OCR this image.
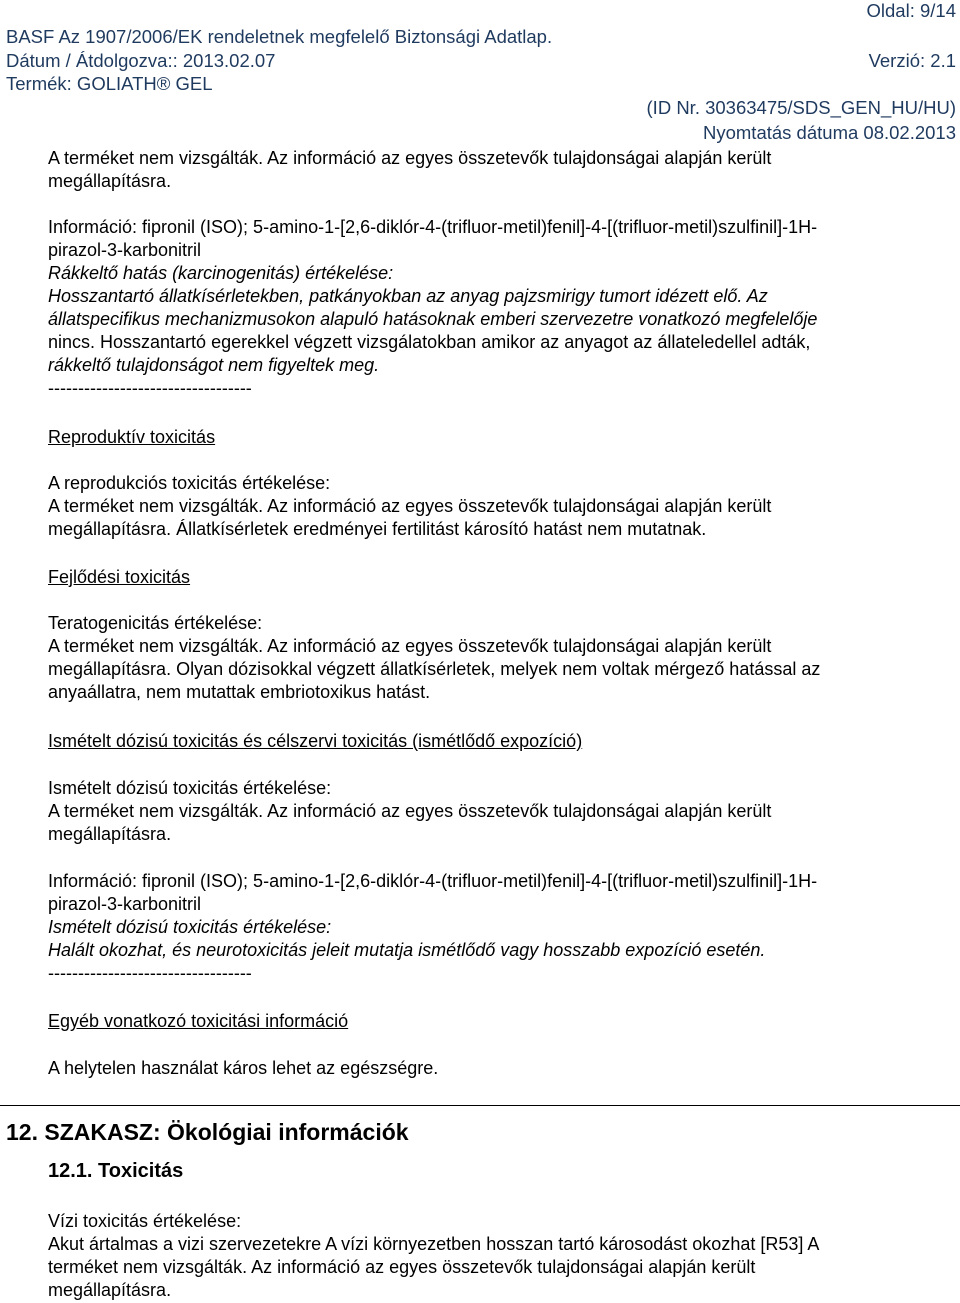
Oldal: 9/14
BASF Az 1907/2006/EK rendeletnek megfelelő Biztonsági Adatlap.
Dátum / Átdolgozva:: 2013.02.07	Verzió: 2.1
Termék: GOLIATH® GEL
(ID Nr. 30363475/SDS_GEN_HU/HU)
Nyomtatás dátuma 08.02.2013

A terméket nem vizsgálták. Az információ az egyes összetevők tulajdonságai alapján került

megállapításra.

Információ: fipronil (ISO); 5-amino-1-[2,6-diklór-4-(trifluor-metil)fenil]-4-[(trifluor-metil)szulfinil]-1H-

pirazol-3-karbonitril

Rákkeltő hatás (karcinogenitás) értékelése:

Hosszantartó állatkísérletekben, patkányokban az anyag pajzsmirigy tumort idézett elő. Az

állatspecifikus mechanizmusokon alapuló hatásoknak emberi szervezetre vonatkozó megfelelője

nincs. Hosszantartó egerekkel végzett vizsgálatokban amikor az anyagot az állateledellel adták,

rákkeltő tulajdonságot nem figyeltek meg.

----------------------------------

Reproduktív toxicitás

A reprodukciós toxicitás értékelése:

A terméket nem vizsgálták. Az információ az egyes összetevők tulajdonságai alapján került

megállapításra. Állatkísérletek eredményei fertilitást károsító hatást nem mutatnak.

Fejlődési toxicitás

Teratogenicitás értékelése:

A terméket nem vizsgálták. Az információ az egyes összetevők tulajdonságai alapján került

megállapításra. Olyan dózisokkal végzett állatkísérletek, melyek nem voltak mérgező hatással az

anyaállatra, nem mutattak embriotoxikus hatást.

Ismételt dózisú toxicitás és célszervi toxicitás (ismétlődő expozíció)

Ismételt dózisú toxicitás értékelése:

A terméket nem vizsgálták. Az információ az egyes összetevők tulajdonságai alapján került

megállapításra.

Információ: fipronil (ISO); 5-amino-1-[2,6-diklór-4-(trifluor-metil)fenil]-4-[(trifluor-metil)szulfinil]-1H-

pirazol-3-karbonitril

Ismételt dózisú toxicitás értékelése:

Halált okozhat, és neurotoxicitás jeleit mutatja ismétlődő vagy hosszabb expozíció esetén.

----------------------------------

Egyéb vonatkozó toxicitási információ

A helytelen használat káros lehet az egészségre.

12. SZAKASZ: Ökológiai információk
12.1. Toxicitás

Vízi toxicitás értékelése:

Akut ártalmas a vizi szervezetekre A vízi környezetben hosszan tartó károsodást okozhat [R53] A

terméket nem vizsgálták. Az információ az egyes összetevők tulajdonságai alapján került

megállapításra.
